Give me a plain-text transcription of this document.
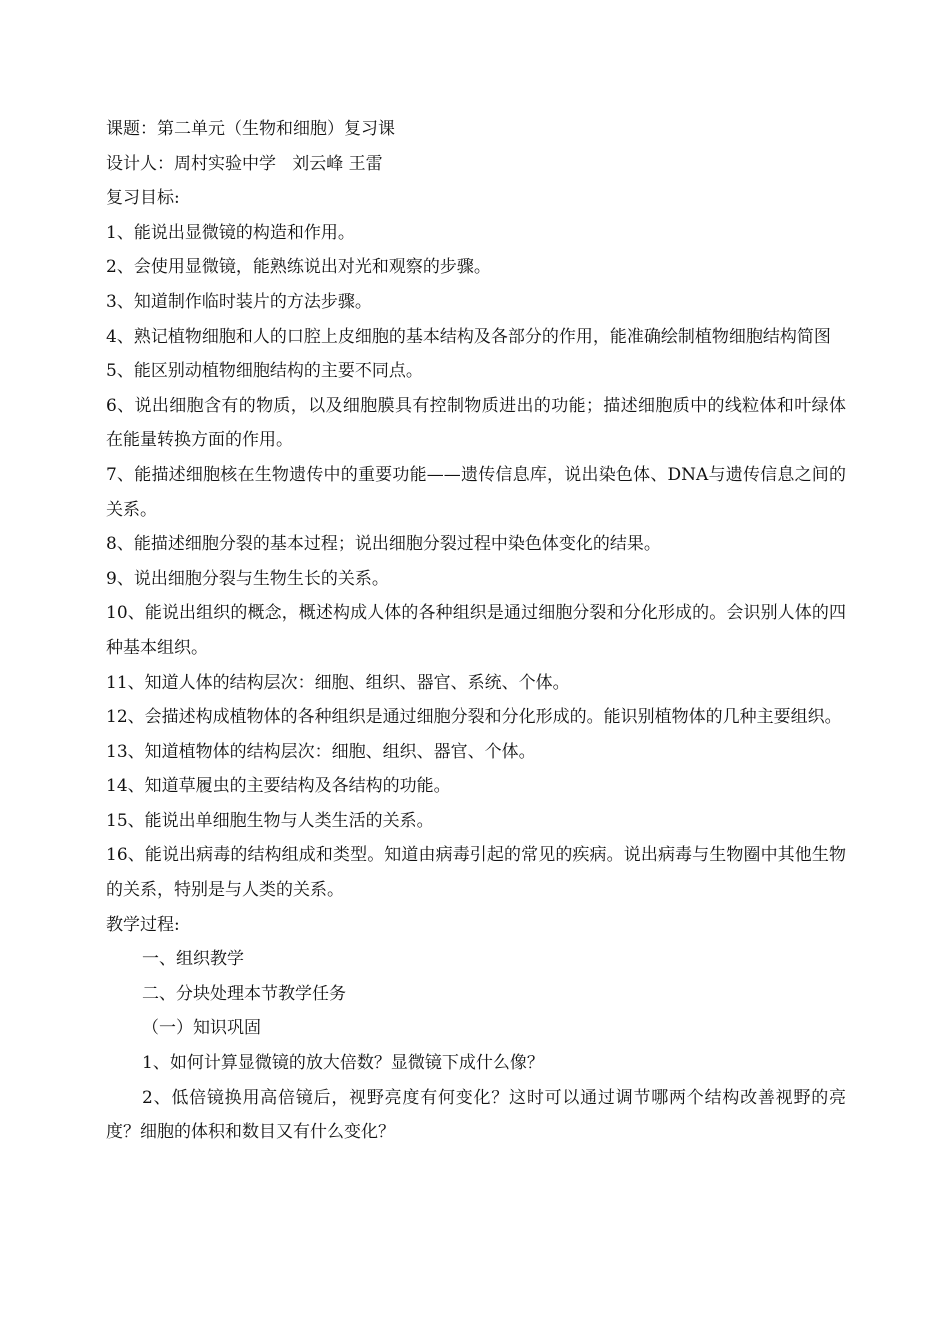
课题：第二单元（生物和细胞）复习课

设计人：周村实验中学   刘云峰 王雷

复习目标:

1、能说出显微镜的构造和作用。

2、会使用显微镜，能熟练说出对光和观察的步骤。

3、知道制作临时装片的方法步骤。

4、熟记植物细胞和人的口腔上皮细胞的基本结构及各部分的作用，能准确绘制植物细胞结构简图

5、能区别动植物细胞结构的主要不同点。

6、说出细胞含有的物质，以及细胞膜具有控制物质进出的功能；描述细胞质中的线粒体和叶绿体在能量转换方面的作用。

7、能描述细胞核在生物遗传中的重要功能——遗传信息库，说出染色体、DNA与遗传信息之间的关系。

8、能描述细胞分裂的基本过程；说出细胞分裂过程中染色体变化的结果。

9、说出细胞分裂与生物生长的关系。

10、能说出组织的概念，概述构成人体的各种组织是通过细胞分裂和分化形成的。会识别人体的四种基本组织。

11、知道人体的结构层次：细胞、组织、器官、系统、个体。

12、会描述构成植物体的各种组织是通过细胞分裂和分化形成的。能识别植物体的几种主要组织。

13、知道植物体的结构层次：细胞、组织、器官、个体。

14、知道草履虫的主要结构及各结构的功能。

15、能说出单细胞生物与人类生活的关系。

16、能说出病毒的结构组成和类型。知道由病毒引起的常见的疾病。说出病毒与生物圈中其他生物的关系，特别是与人类的关系。

教学过程:

一、组织教学

二、分块处理本节教学任务

（一）知识巩固

1、如何计算显微镜的放大倍数？显微镜下成什么像？

2、低倍镜换用高倍镜后，视野亮度有何变化？这时可以通过调节哪两个结构改善视野的亮度？细胞的体积和数目又有什么变化？
